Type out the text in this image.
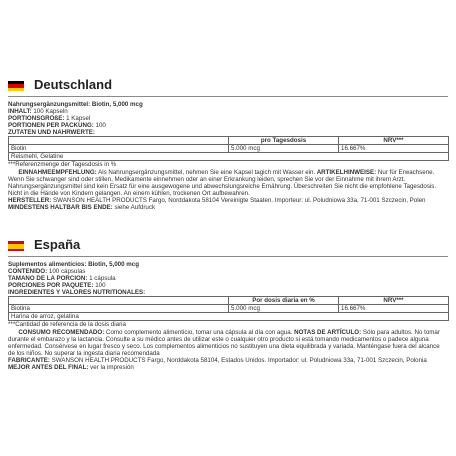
Deutschland
Nahrungsergänzungsmittel: Biotin, 5,000 mcg
INHALT: 100 Kapseln
PORTIONSGRÖßE: 1 Kapsel
PORTIONEN PER PACKUNG: 100
ZUTATEN UND NÄHRWERTE:
	pro Tagesdosis	NRV***
Biotin	5.000 mcg	16.667%
Reismehl, Gelatine		
***Referenzmenge der Tagesdosis in %
EINNAHMEEMPFEHLUNG: Als Nahrungsergänzungsmittel, nehmen Sie eine Kapsel tagich mit Wasser ein. ARTIKELHINWEISE: Nur für Erwachsene. Wenn Sie schwanger sind oder stillen, Medikamente einnehmen oder an einer Erkrankung leiden, sprechen Sie vor der Einnahme mit ihrem Arzt. Nahrungsergänzungsmittel sind kein Ersatz für eine ausgewogene und abwechslungsreiche Ernährung. Überschreiten Sie nicht die empfohlene Tagesdosis. Nicht in die Hände von Kindern gelangen. An einem kühlen, trockenen Ort aufbewahren.
HERSTELLER: SWANSON HEALTH PRODUCTS Fargo, Norddakota 58104 Vereinigte Staaten. Importeur: ul. Poludniowa 33a, 71-001 Szczecin, Polen
MINDESTENS HALTBAR BIS ENDE: siehe Aufdruck
España
Suplementos alimenticios: Biotin, 5,000 mcg
CONTENIDO: 100 cápsulas
TAMAÑO DE LA PORCIÓN: 1 cápsula
PORCIONES POR PAQUETE: 100
INGREDIENTES Y VALORES NUTRITIONALES:
	Por dosis diaria en %	NRV***
Biotina	5.000 mcg	16.667%
Harina de arroz, gelatina		
***Cantidad de referencia de la dosis diaria
CONSUMO RECOMENDADO: Como complemento alimenticio, tomar una cápsula al día con agua. NOTAS DE ARTÍCULO: Sólo para adultos. No tomar durante el embarazo y la lactancia. Consulte a su médico antes de utilizar este o cualquier otro producto si está tomando medicamentos o padece alguna enfermedad. Consérvese en lugar fresco y seco. Los complementos alimenticios no sustituyen una dieta equilibrada y variada. Manténgase fuera del alcance de los niños. No superar la ingesta diaria recomendada
FABRICANTE: SWANSON HEALTH PRODUCTS Fargo, Norddakota 58104, Estados Unidos. Importador: ul. Poludniowa 33a, 71-001 Szczecin, Polonia
MEJOR ANTES DEL FINAL: ver la impresión
